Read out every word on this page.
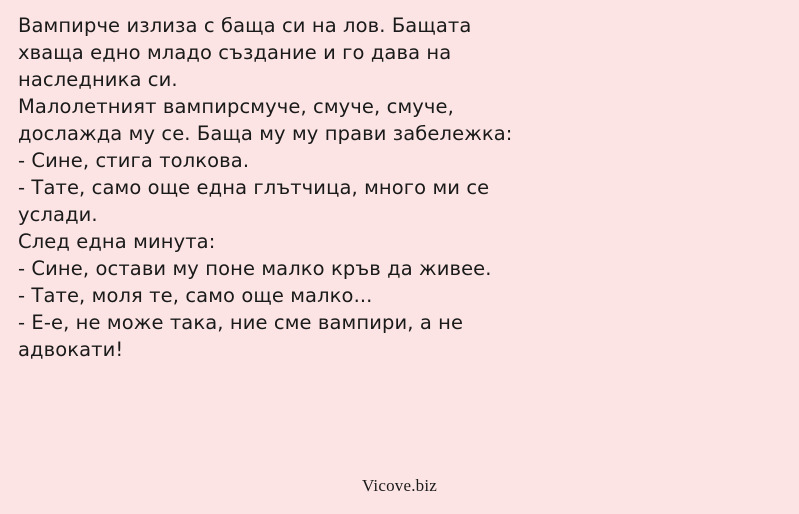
Вампирче излиза с баща си на лов. Бащата

хваща едно младо създание и го дава на

наследника си.

Малолетният вампирсмуче, смуче, смуче,

дослажда му се. Баща му му прави забележка:

- Сине, стига толкова.

- Тате, само още една глътчица, много ми се

услади.

След една минута:

- Сине, остави му поне малко кръв да живее.

- Тате, моля те, само още малко...

- Е-е, не може така, ние сме вампири, а не

адвокати!

Vicove.biz
